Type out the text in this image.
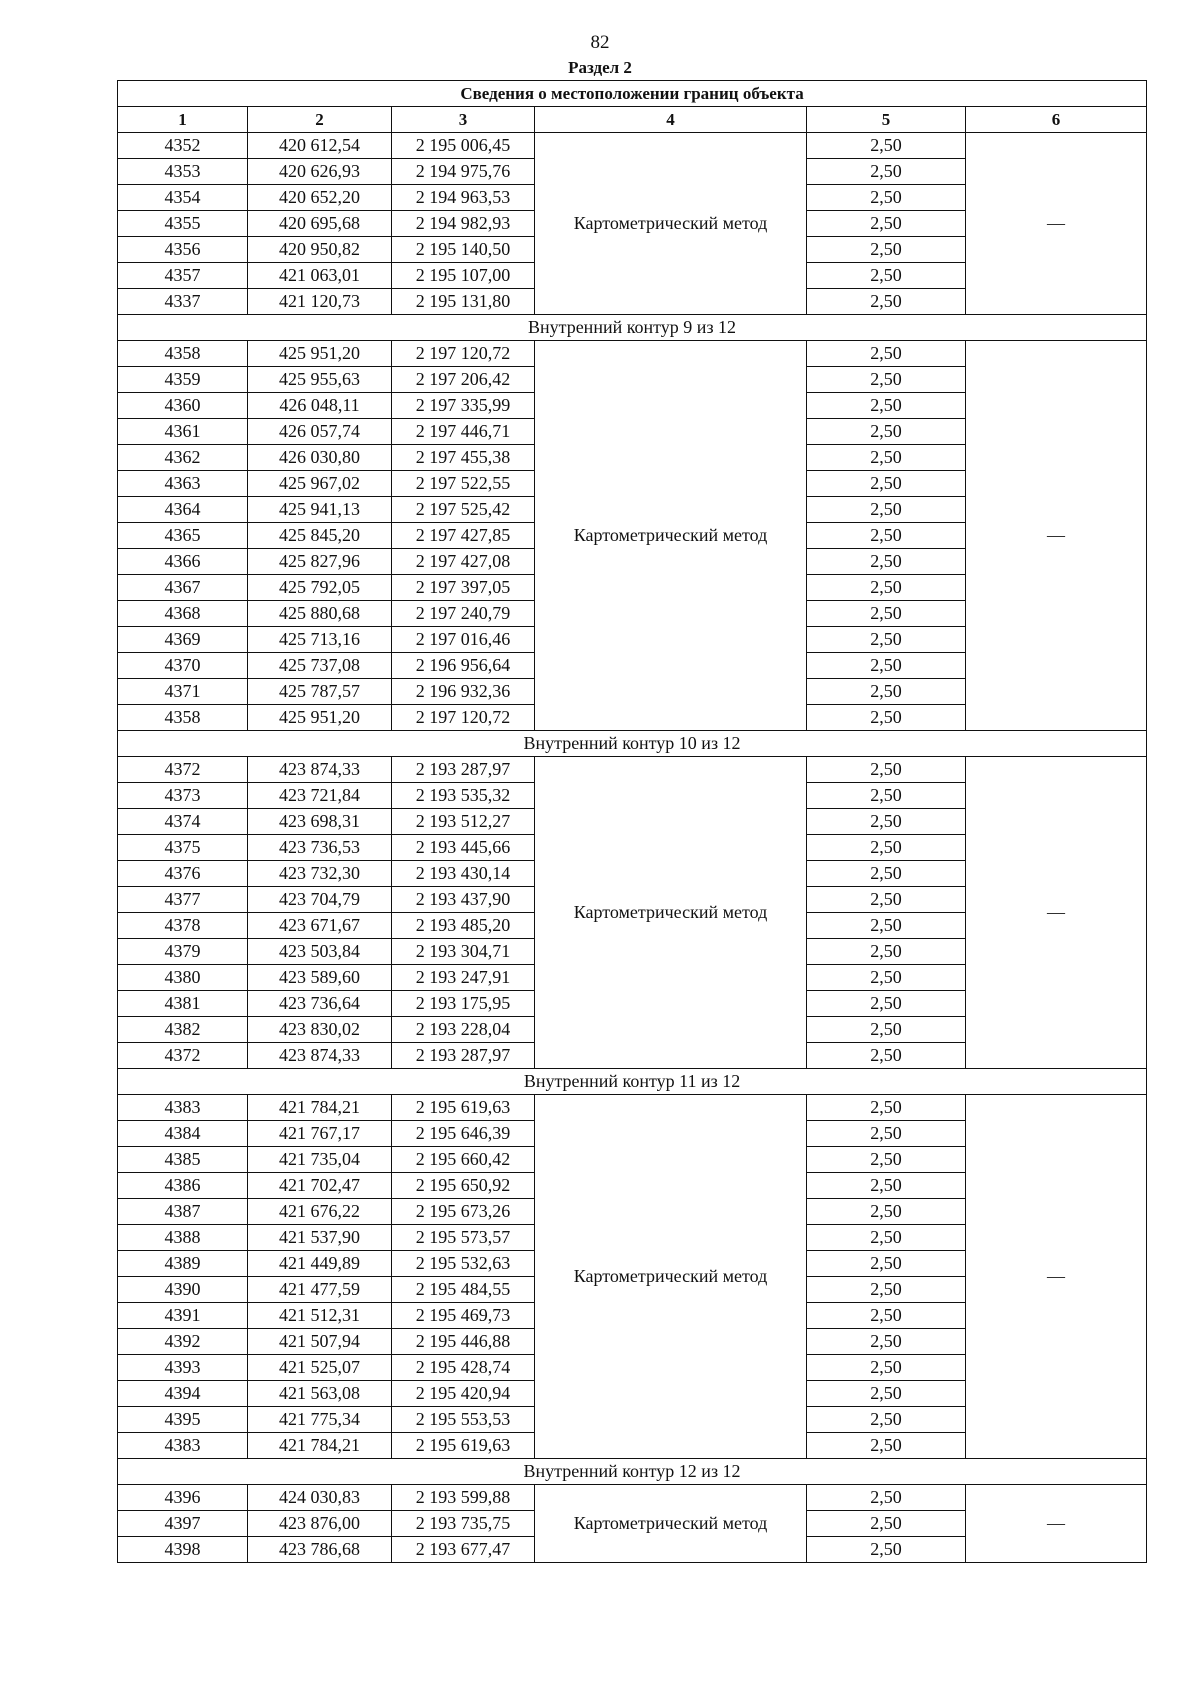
82
Раздел 2
Сведения о местоположении границ объекта					
1	2	3	4	5	6
4352	420 612,54	2 195 006,45	Картометрический метод	2,50	—
4353	420 626,93	2 194 975,76		2,50	
4354	420 652,20	2 194 963,53		2,50	
4355	420 695,68	2 194 982,93		2,50	
4356	420 950,82	2 195 140,50		2,50	
4357	421 063,01	2 195 107,00		2,50	
4337	421 120,73	2 195 131,80		2,50	
Внутренний контур 9 из 12					
4358	425 951,20	2 197 120,72	Картометрический метод	2,50	—
4359	425 955,63	2 197 206,42		2,50	
4360	426 048,11	2 197 335,99		2,50	
4361	426 057,74	2 197 446,71		2,50	
4362	426 030,80	2 197 455,38		2,50	
4363	425 967,02	2 197 522,55		2,50	
4364	425 941,13	2 197 525,42		2,50	
4365	425 845,20	2 197 427,85		2,50	
4366	425 827,96	2 197 427,08		2,50	
4367	425 792,05	2 197 397,05		2,50	
4368	425 880,68	2 197 240,79		2,50	
4369	425 713,16	2 197 016,46		2,50	
4370	425 737,08	2 196 956,64		2,50	
4371	425 787,57	2 196 932,36		2,50	
4358	425 951,20	2 197 120,72		2,50	
Внутренний контур 10 из 12					
4372	423 874,33	2 193 287,97	Картометрический метод	2,50	—
4373	423 721,84	2 193 535,32		2,50	
4374	423 698,31	2 193 512,27		2,50	
4375	423 736,53	2 193 445,66		2,50	
4376	423 732,30	2 193 430,14		2,50	
4377	423 704,79	2 193 437,90		2,50	
4378	423 671,67	2 193 485,20		2,50	
4379	423 503,84	2 193 304,71		2,50	
4380	423 589,60	2 193 247,91		2,50	
4381	423 736,64	2 193 175,95		2,50	
4382	423 830,02	2 193 228,04		2,50	
4372	423 874,33	2 193 287,97		2,50	
Внутренний контур 11 из 12					
4383	421 784,21	2 195 619,63	Картометрический метод	2,50	—
4384	421 767,17	2 195 646,39		2,50	
4385	421 735,04	2 195 660,42		2,50	
4386	421 702,47	2 195 650,92		2,50	
4387	421 676,22	2 195 673,26		2,50	
4388	421 537,90	2 195 573,57		2,50	
4389	421 449,89	2 195 532,63		2,50	
4390	421 477,59	2 195 484,55		2,50	
4391	421 512,31	2 195 469,73		2,50	
4392	421 507,94	2 195 446,88		2,50	
4393	421 525,07	2 195 428,74		2,50	
4394	421 563,08	2 195 420,94		2,50	
4395	421 775,34	2 195 553,53		2,50	
4383	421 784,21	2 195 619,63		2,50	
Внутренний контур 12 из 12					
4396	424 030,83	2 193 599,88	Картометрический метод	2,50	—
4397	423 876,00	2 193 735,75		2,50	
4398	423 786,68	2 193 677,47		2,50	
